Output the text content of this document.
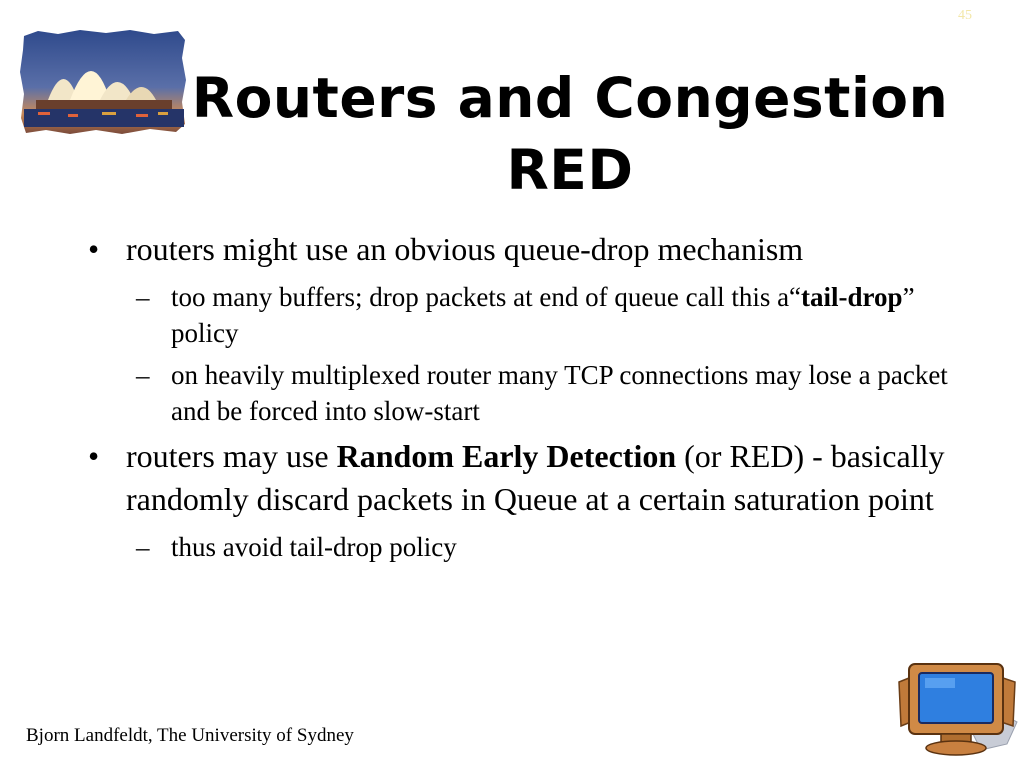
45
Routers and Congestion
RED
• routers might use an obvious queue-drop mechanism
– too many buffers; drop packets at end of queue call this a“tail-drop” policy
– on heavily multiplexed router many TCP connections may lose a packet and be forced into slow-start
• routers may use Random Early Detection (or RED) - basically randomly discard packets in Queue at a certain saturation point
– thus avoid tail-drop policy
Bjorn Landfeldt, The University of Sydney
